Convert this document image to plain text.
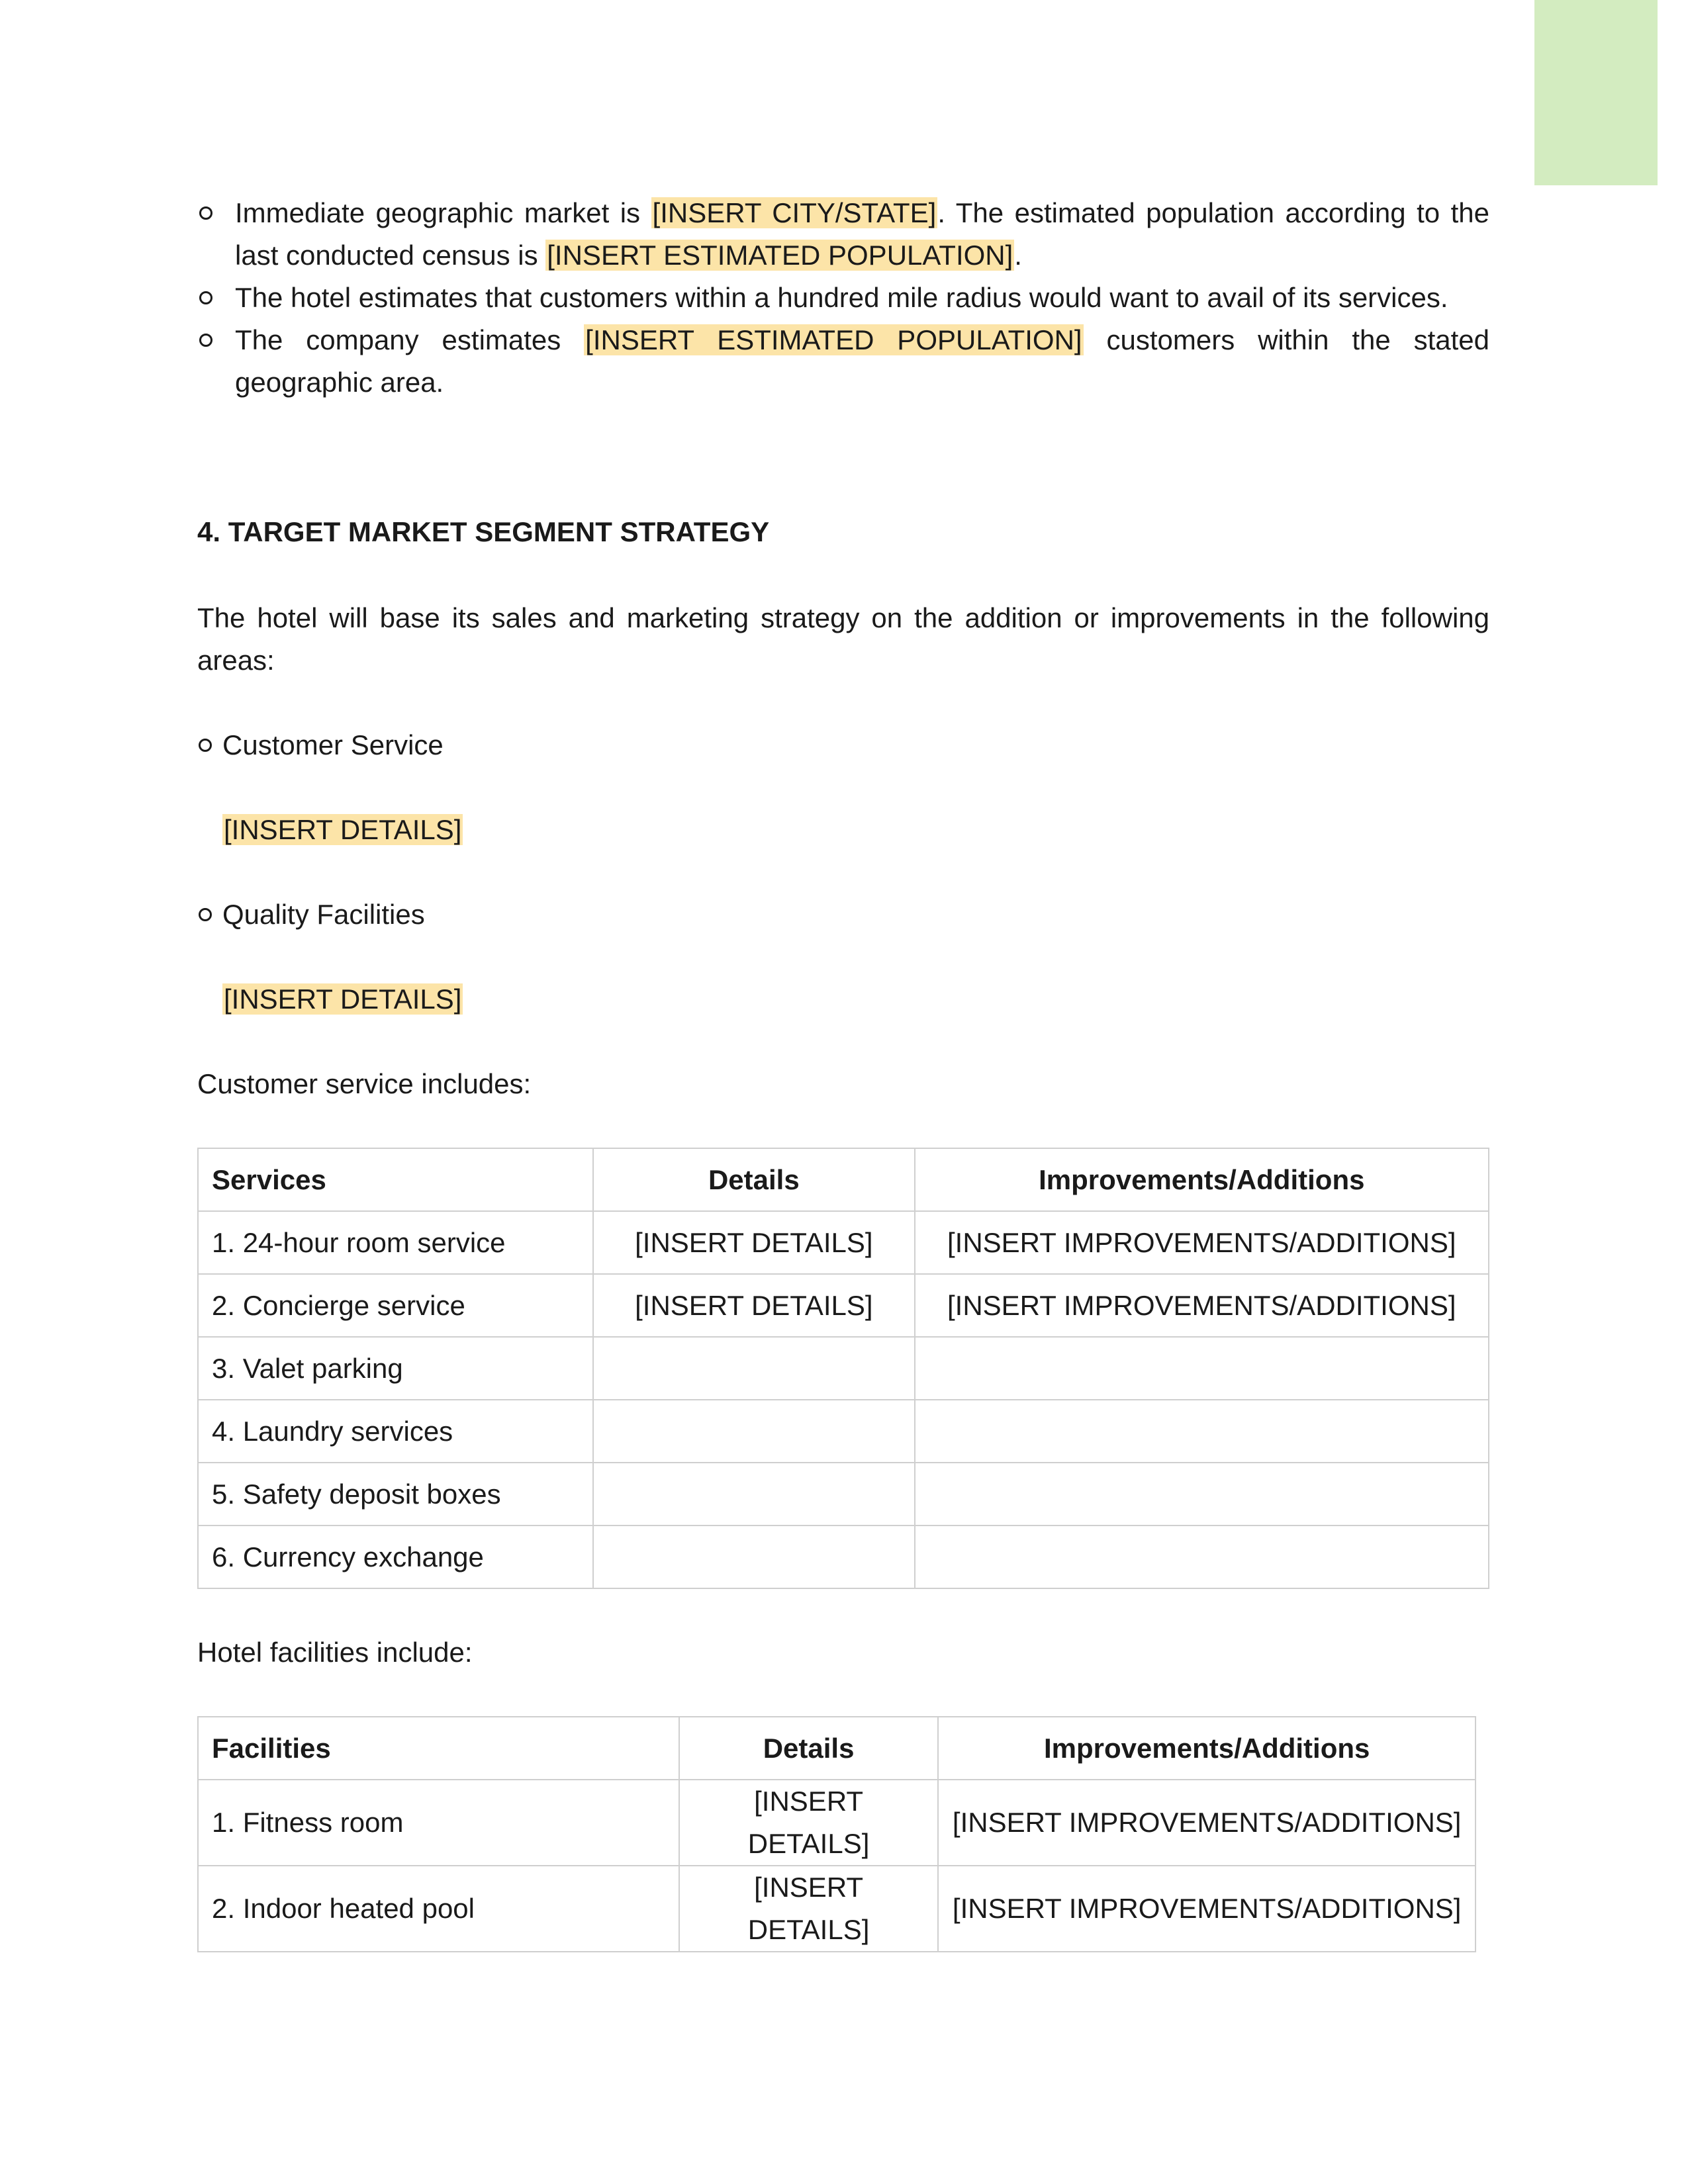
Immediate geographic market is [INSERT CITY/STATE]. The estimated population according to the last conducted census is [INSERT ESTIMATED POPULATION].
The hotel estimates that customers within a hundred mile radius would want to avail of its services.
The company estimates [INSERT ESTIMATED POPULATION] customers within the stated geographic area.
4. TARGET MARKET SEGMENT STRATEGY
The hotel will base its sales and marketing strategy on the addition or improvements in the following areas:
Customer Service
[INSERT DETAILS]
Quality Facilities
[INSERT DETAILS]
Customer service includes:
Services	Details	Improvements/Additions
1. 24-hour room service	[INSERT DETAILS]	[INSERT IMPROVEMENTS/ADDITIONS]
2. Concierge service	[INSERT DETAILS]	[INSERT IMPROVEMENTS/ADDITIONS]
3. Valet parking		
4. Laundry services		
5. Safety deposit boxes		
6. Currency exchange		
Hotel facilities include:
Facilities	Details	Improvements/Additions
1. Fitness room	[INSERT DETAILS]	[INSERT IMPROVEMENTS/ADDITIONS]
2. Indoor heated pool	[INSERT DETAILS]	[INSERT IMPROVEMENTS/ADDITIONS]
